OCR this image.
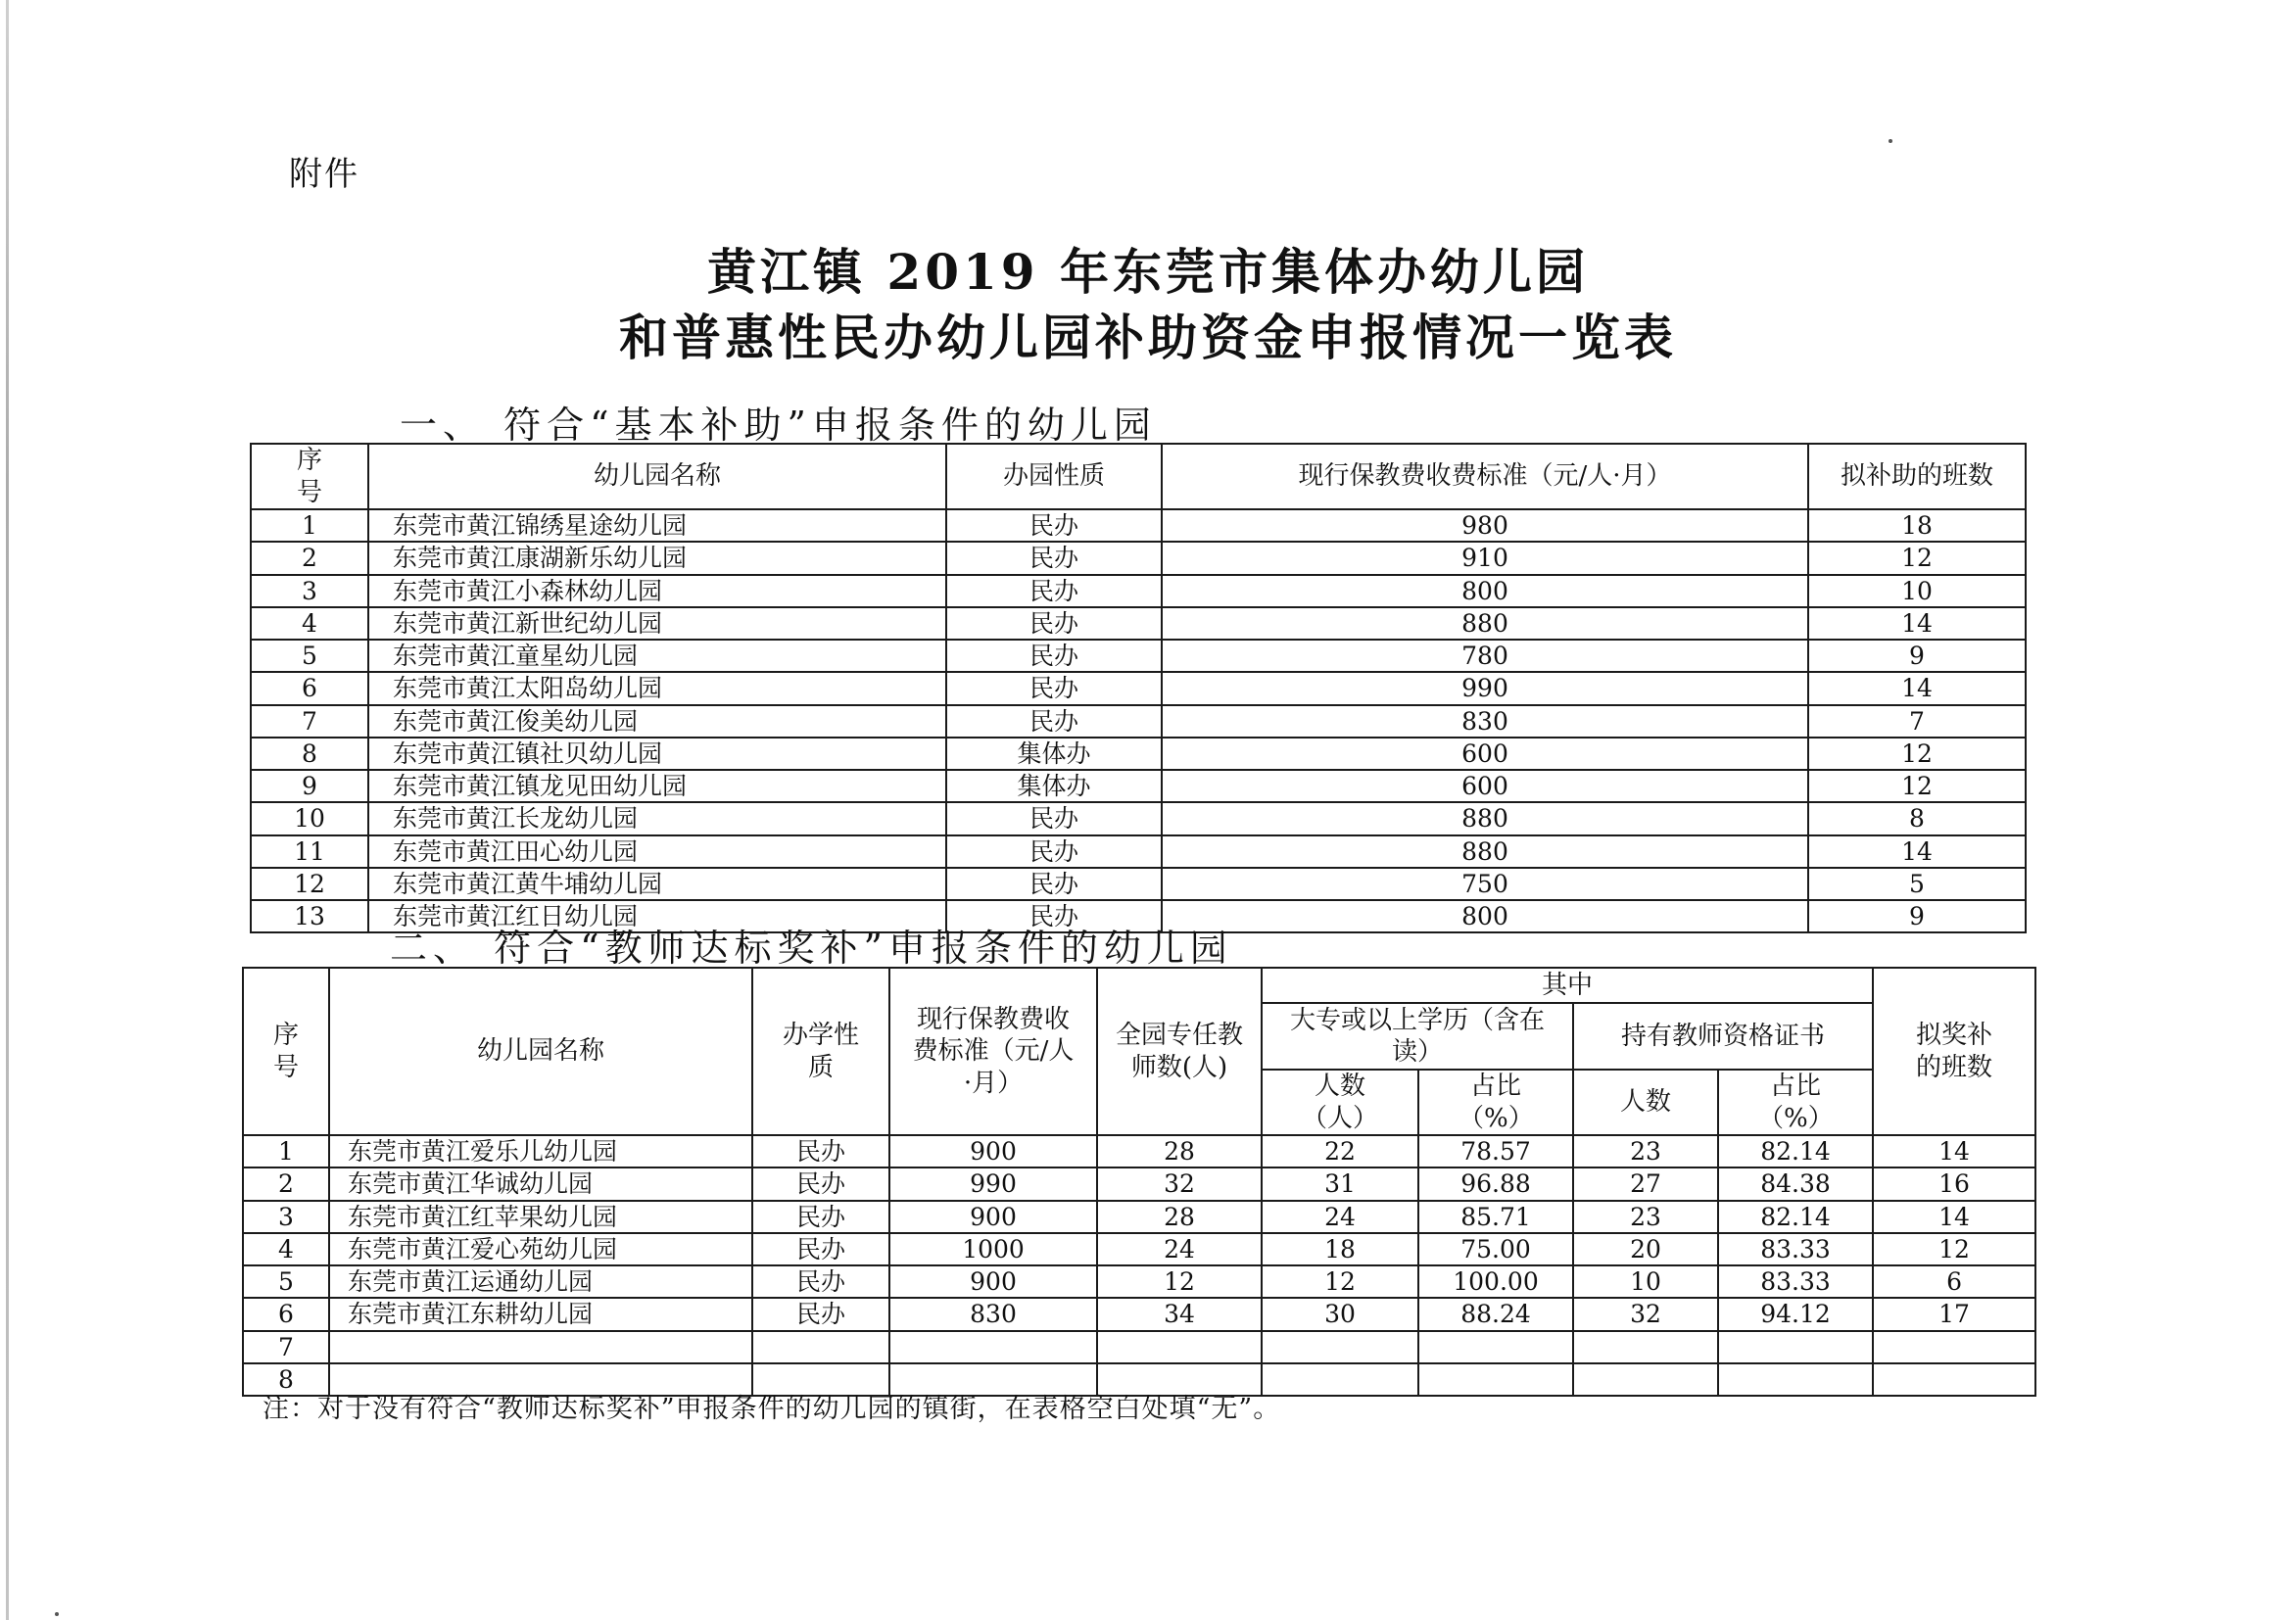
附件
黄江镇 2019 年东莞市集体办幼儿园
和普惠性民办幼儿园补助资金申报情况一览表
一、 符合“基本补助”申报条件的幼儿园
序号	幼儿园名称	办园性质	现行保教费收费标准（元/人·月）	拟补助的班数
1	东莞市黄江锦绣星途幼儿园	民办	980	18
2	东莞市黄江康湖新乐幼儿园	民办	910	12
3	东莞市黄江小森林幼儿园	民办	800	10
4	东莞市黄江新世纪幼儿园	民办	880	14
5	东莞市黄江童星幼儿园	民办	780	9
6	东莞市黄江太阳岛幼儿园	民办	990	14
7	东莞市黄江俊美幼儿园	民办	830	7
8	东莞市黄江镇社贝幼儿园	集体办	600	12
9	东莞市黄江镇龙见田幼儿园	集体办	600	12
10	东莞市黄江长龙幼儿园	民办	880	8
11	东莞市黄江田心幼儿园	民办	880	14
12	东莞市黄江黄牛埔幼儿园	民办	750	5
13	东莞市黄江红日幼儿园	民办	800	9
二、 符合“教师达标奖补”申报条件的幼儿园
序号	幼儿园名称	办学性质	现行保教费收费标准（元/人·月）	全园专任教师数(人)	其中				拟奖补的班数
					大专或以上学历（含在读）		持有教师资格证书		
					人数（人）	占比（%）	人数	占比（%）	
1	东莞市黄江爱乐儿幼儿园	民办	900	28	22	78.57	23	82.14	14
2	东莞市黄江华诚幼儿园	民办	990	32	31	96.88	27	84.38	16
3	东莞市黄江红苹果幼儿园	民办	900	28	24	85.71	23	82.14	14
4	东莞市黄江爱心苑幼儿园	民办	1000	24	18	75.00	20	83.33	12
5	东莞市黄江运通幼儿园	民办	900	12	12	100.00	10	83.33	6
6	东莞市黄江东耕幼儿园	民办	830	34	30	88.24	32	94.12	17
7									
8									
注：对于没有符合“教师达标奖补”申报条件的幼儿园的镇街，在表格空白处填“无”。
